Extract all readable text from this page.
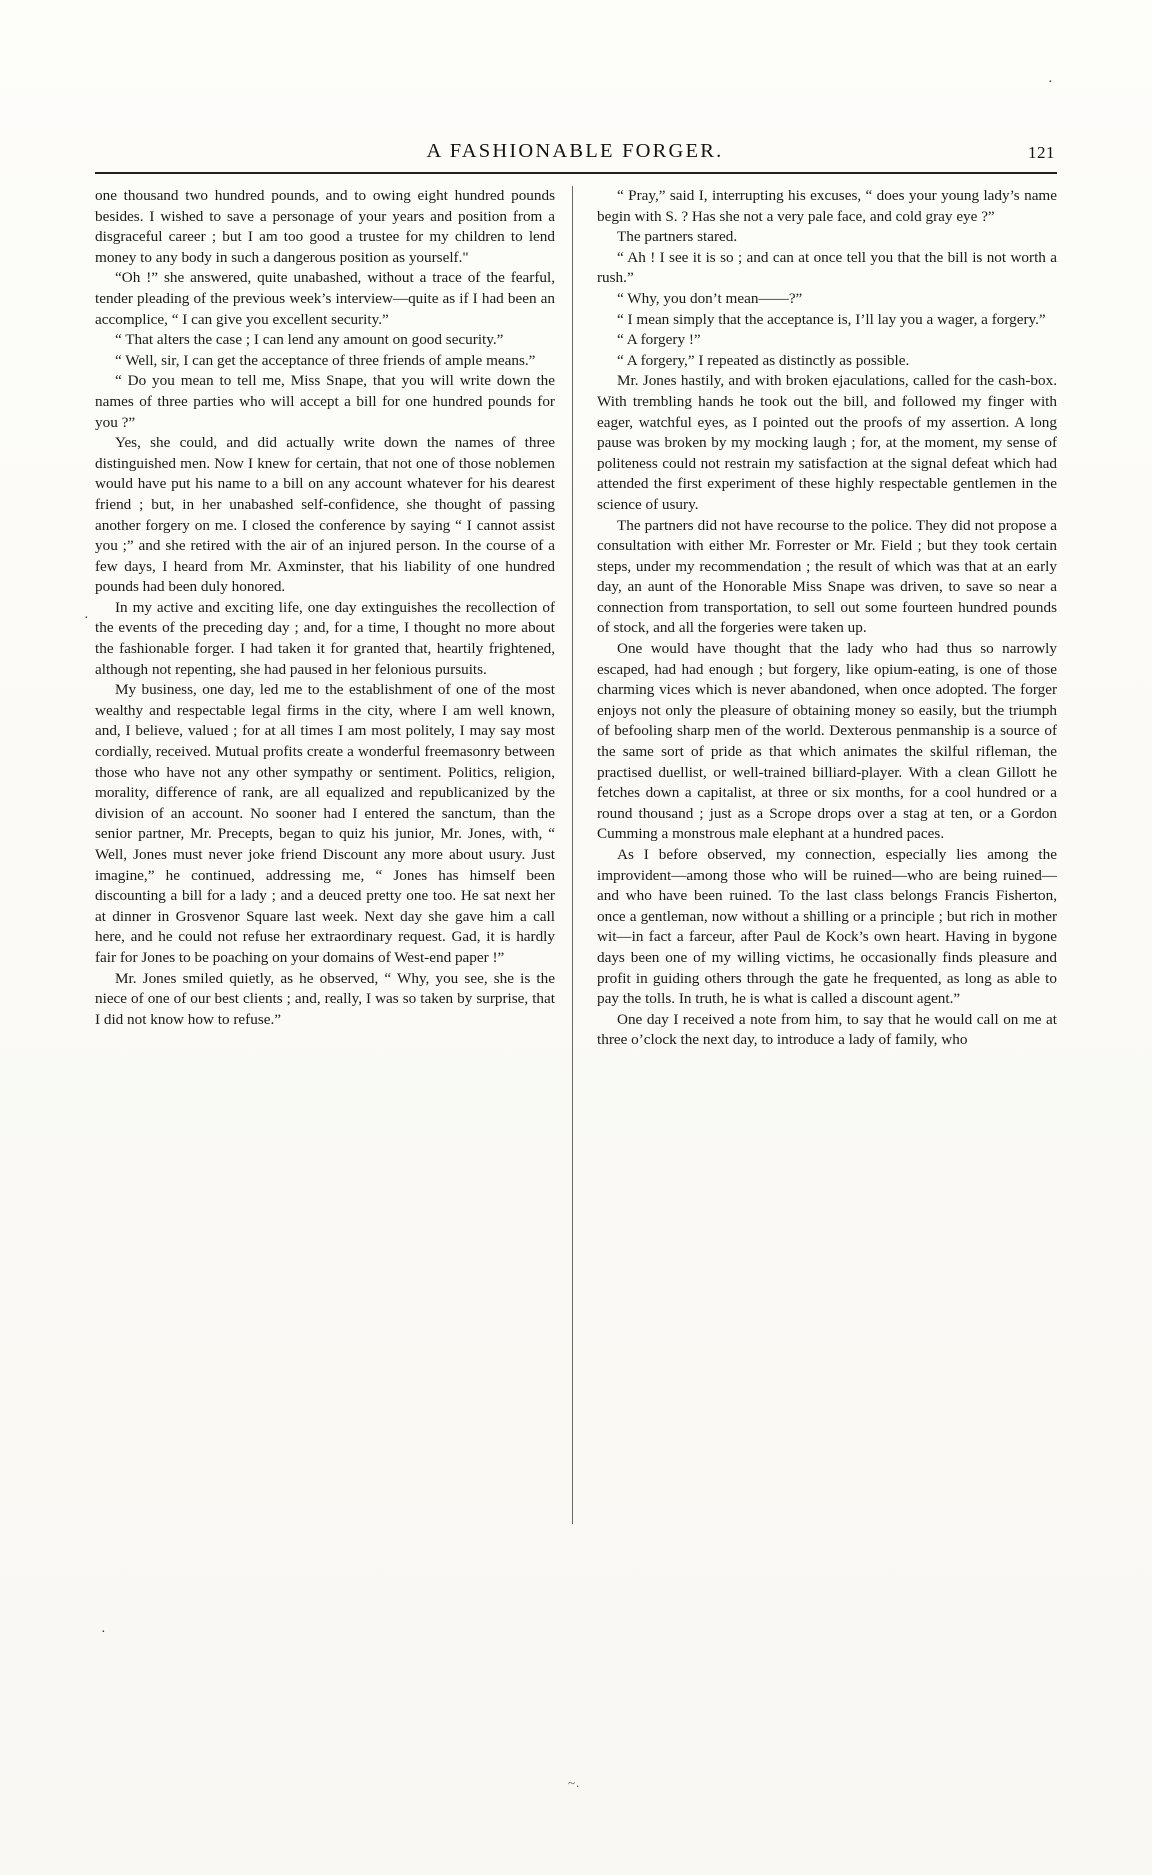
A FASHIONABLE FORGER.	121

one thousand two hundred pounds, and to owing eight hundred pounds besides. I wished to save a personage of your years and position from a disgraceful career ; but I am too good a trustee for my children to lend money to any body in such a dangerous position as yourself."

“Oh !” she answered, quite unabashed, without a trace of the fearful, tender pleading of the previous week’s interview—quite as if I had been an accomplice, “ I can give you excellent security.”

“ That alters the case ; I can lend any amount on good security.”

“ Well, sir, I can get the acceptance of three friends of ample means.”

“ Do you mean to tell me, Miss Snape, that you will write down the names of three parties who will accept a bill for one hundred pounds for you ?”

Yes, she could, and did actually write down the names of three distinguished men. Now I knew for certain, that not one of those noblemen would have put his name to a bill on any account whatever for his dearest friend ; but, in her unabashed self-confidence, she thought of passing another forgery on me. I closed the conference by saying “ I cannot assist you ;” and she retired with the air of an injured person. In the course of a few days, I heard from Mr. Axminster, that his liability of one hundred pounds had been duly honored.

In my active and exciting life, one day extinguishes the recollection of the events of the preceding day ; and, for a time, I thought no more about the fashionable forger. I had taken it for granted that, heartily frightened, although not repenting, she had paused in her felonious pursuits.

My business, one day, led me to the establishment of one of the most wealthy and respectable legal firms in the city, where I am well known, and, I believe, valued ; for at all times I am most politely, I may say most cordially, received. Mutual profits create a wonderful freemasonry between those who have not any other sympathy or sentiment. Politics, religion, morality, difference of rank, are all equalized and republicanized by the division of an account. No sooner had I entered the sanctum, than the senior partner, Mr. Precepts, began to quiz his junior, Mr. Jones, with, “ Well, Jones must never joke friend Discount any more about usury. Just imagine,” he continued, addressing me, “ Jones has himself been discounting a bill for a lady ; and a deuced pretty one too. He sat next her at dinner in Grosvenor Square last week. Next day she gave him a call here, and he could not refuse her extraordinary request. Gad, it is hardly fair for Jones to be poaching on your domains of West-end paper !”

Mr. Jones smiled quietly, as he observed, “ Why, you see, she is the niece of one of our best clients ; and, really, I was so taken by surprise, that I did not know how to refuse.”

“ Pray,” said I, interrupting his excuses, “ does your young lady’s name begin with S. ? Has she not a very pale face, and cold gray eye ?”

The partners stared.

“ Ah ! I see it is so ; and can at once tell you that the bill is not worth a rush.”

“ Why, you don’t mean——?”

“ I mean simply that the acceptance is, I’ll lay you a wager, a forgery.”

“ A forgery !”

“ A forgery,” I repeated as distinctly as possible.

Mr. Jones hastily, and with broken ejaculations, called for the cash-box. With trembling hands he took out the bill, and followed my finger with eager, watchful eyes, as I pointed out the proofs of my assertion. A long pause was broken by my mocking laugh ; for, at the moment, my sense of politeness could not restrain my satisfaction at the signal defeat which had attended the first experiment of these highly respectable gentlemen in the science of usury.

The partners did not have recourse to the police. They did not propose a consultation with either Mr. Forrester or Mr. Field ; but they took certain steps, under my recommendation ; the result of which was that at an early day, an aunt of the Honorable Miss Snape was driven, to save so near a connection from transportation, to sell out some fourteen hundred pounds of stock, and all the forgeries were taken up.

One would have thought that the lady who had thus so narrowly escaped, had had enough ; but forgery, like opium-eating, is one of those charming vices which is never abandoned, when once adopted. The forger enjoys not only the pleasure of obtaining money so easily, but the triumph of befooling sharp men of the world. Dexterous penmanship is a source of the same sort of pride as that which animates the skilful rifleman, the practised duellist, or well-trained billiard-player. With a clean Gillott he fetches down a capitalist, at three or six months, for a cool hundred or a round thousand ; just as a Scrope drops over a stag at ten, or a Gordon Cumming a monstrous male elephant at a hundred paces.

As I before observed, my connection, especially lies among the improvident—among those who will be ruined—who are being ruined—and who have been ruined. To the last class belongs Francis Fisherton, once a gentleman, now without a shilling or a principle ; but rich in mother wit—in fact a farceur, after Paul de Kock’s own heart. Having in bygone days been one of my willing victims, he occasionally finds pleasure and profit in guiding others through the gate he frequented, as long as able to pay the tolls. In truth, he is what is called a discount agent.”

One day I received a note from him, to say that he would call on me at three o’clock the next day, to introduce a lady of family, who

·
·
·
~.
